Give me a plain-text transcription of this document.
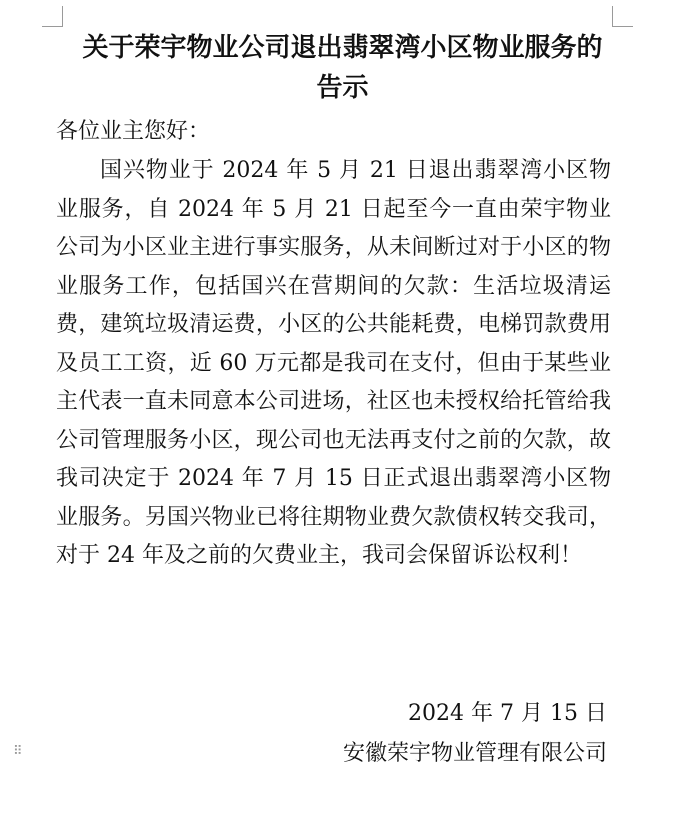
关于荣宇物业公司退出翡翠湾小区物业服务的
告示

各位业主您好：

国兴物业于 2024 年 5 月 21 日退出翡翠湾小区物业服务，自 2024 年 5 月 21 日起至今一直由荣宇物业公司为小区业主进行事实服务，从未间断过对于小区的物业服务工作，包括国兴在营期间的欠款：生活垃圾清运费，建筑垃圾清运费，小区的公共能耗费，电梯罚款费用及员工工资，近 60 万元都是我司在支付，但由于某些业主代表一直未同意本公司进场，社区也未授权给托管给我公司管理服务小区，现公司也无法再支付之前的欠款，故我司决定于 2024 年 7 月 15 日正式退出翡翠湾小区物业服务。另国兴物业已将往期物业费欠款债权转交我司，对于 24 年及之前的欠费业主，我司会保留诉讼权利！

2024 年 7 月 15 日

安徽荣宇物业管理有限公司

⠿
